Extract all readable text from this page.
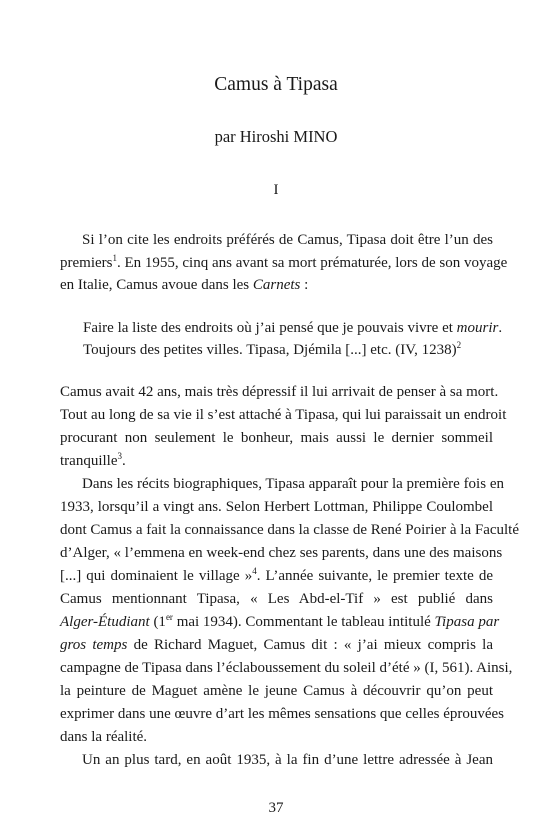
Camus à Tipasa
par Hiroshi MINO
I
Si l’on cite les endroits préférés de Camus, Tipasa doit être l’un des
premiers$^1$. En 1955, cinq ans avant sa mort prématurée, lors de son voyage
en Italie, Camus avoue dans les Carnets :
Faire la liste des endroits où j’ai pensé que je pouvais vivre et mourir.
Toujours des petites villes. Tipasa, Djémila [...] etc. (IV, 1238)$^2$
Camus avait 42 ans, mais très dépressif il lui arrivait de penser à sa mort.
Tout au long de sa vie il s’est attaché à Tipasa, qui lui paraissait un endroit
procurant non seulement le bonheur, mais aussi le dernier sommeil
tranquille$^3$.
Dans les récits biographiques, Tipasa apparaît pour la première fois en
1933, lorsqu’il a vingt ans. Selon Herbert Lottman, Philippe Coulombel
dont Camus a fait la connaissance dans la classe de René Poirier à la Faculté
d’Alger, « l’emmena en week-end chez ses parents, dans une des maisons
[...] qui dominaient le village »$^4$. L’année suivante, le premier texte de
Camus mentionnant Tipasa, « Les Abd-el-Tif » est publié dans
Alger-Étudiant (1er mai 1934). Commentant le tableau intitulé Tipasa par
gros temps de Richard Maguet, Camus dit : « j’ai mieux compris la
campagne de Tipasa dans l’éclaboussement du soleil d’été » (I, 561). Ainsi,
la peinture de Maguet amène le jeune Camus à découvrir qu’on peut
exprimer dans une œuvre d’art les mêmes sensations que celles éprouvées
dans la réalité.
Un an plus tard, en août 1935, à la fin d’une lettre adressée à Jean
37
